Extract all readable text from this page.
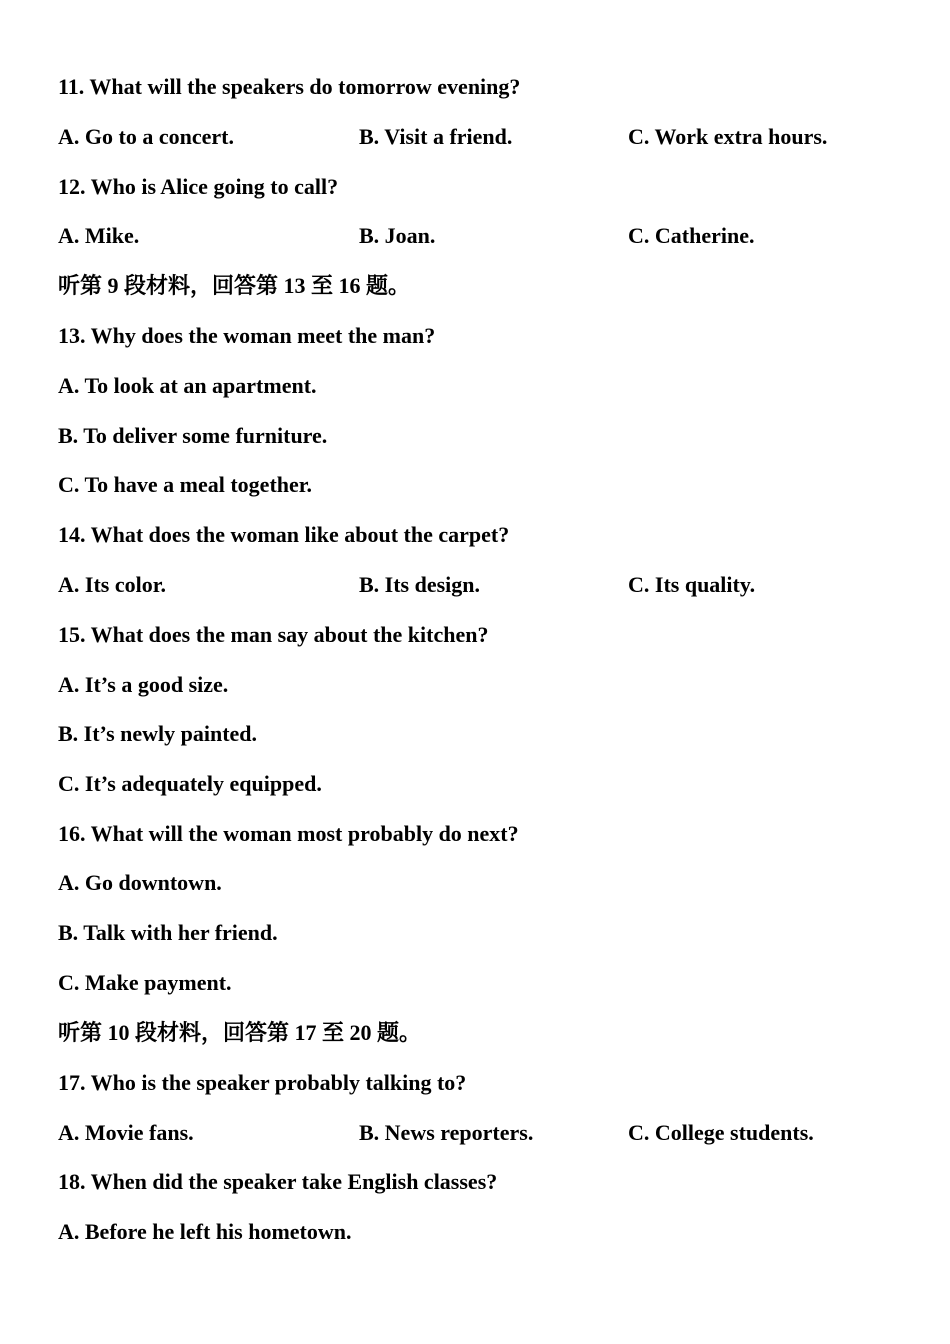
11. What will the speakers do tomorrow evening?
A. Go to a concert.	B. Visit a friend.	C. Work extra hours.
12. Who is Alice going to call?
A. Mike.	B. Joan.	C. Catherine.
听第 9 段材料，回答第 13 至 16 题。
13. Why does the woman meet the man?
A. To look at an apartment.
B. To deliver some furniture.
C. To have a meal together.
14. What does the woman like about the carpet?
A. Its color.	B. Its design.	C. Its quality.
15. What does the man say about the kitchen?
A. It’s a good size.
B. It’s newly painted.
C. It’s adequately equipped.
16. What will the woman most probably do next?
A. Go downtown.
B. Talk with her friend.
C. Make payment.
听第 10 段材料，回答第 17 至 20 题。
17. Who is the speaker probably talking to?
A. Movie fans.	B. News reporters.	C. College students.
18. When did the speaker take English classes?
A. Before he left his hometown.
